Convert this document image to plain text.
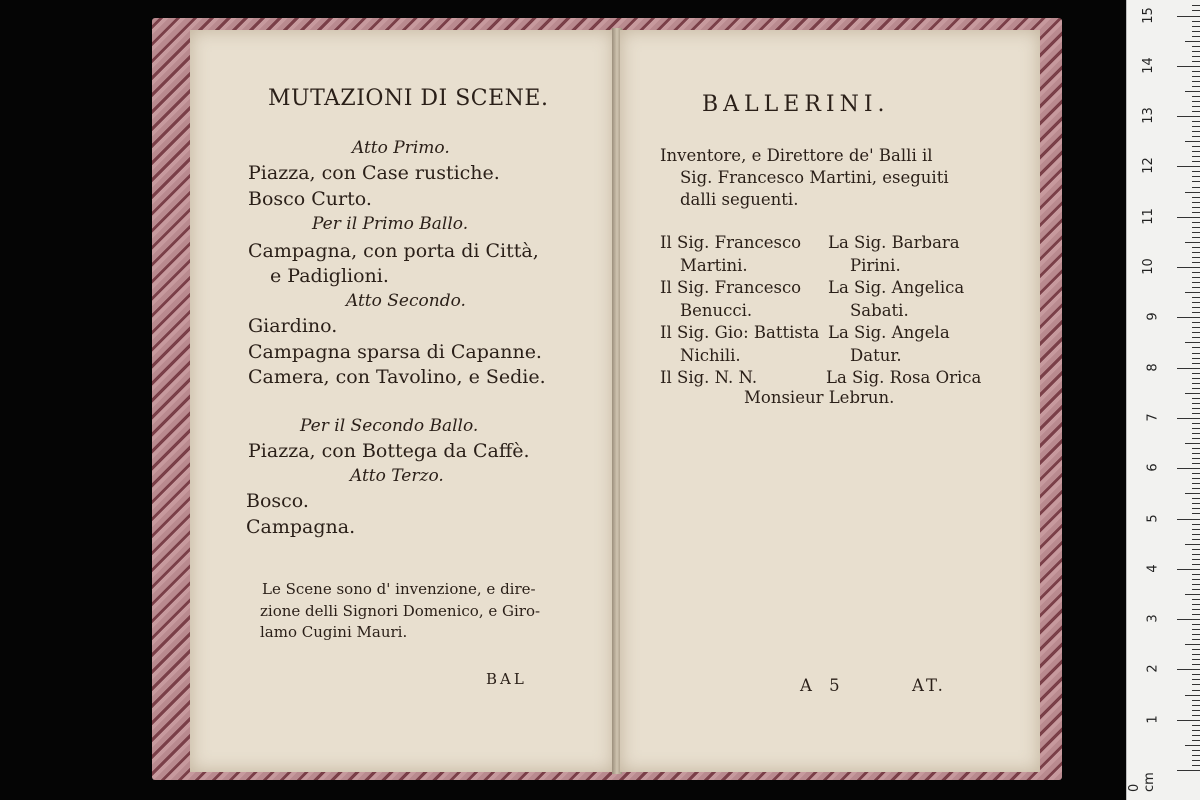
MUTAZIONI DI SCENE.
Atto Primo.
Piazza, con Case rustiche.
Bosco Curto.
Per il Primo Ballo.
Campagna, con porta di Città,
e Padiglioni.
Atto Secondo.
Giardino.
Campagna sparsa di Capanne.
Camera, con Tavolino, e Sedie.
Per il Secondo Ballo.
Piazza, con Bottega da Caffè.
Atto Terzo.
Bosco.
Campagna.
Le Scene sono d' invenzione, e dire-
zione delli Signori Domenico, e Giro-
lamo Cugini Mauri.
BAL
BALLERINI.
Inventore, e Direttore de' Balli il
Sig. Francesco Martini, eseguiti
dalli seguenti.
Il Sig. Francesco
Martini.
La Sig. Barbara
Pirini.
Il Sig. Francesco
Benucci.
La Sig. Angelica
Sabati.
Il Sig. Gio: Battista
Nichili.
La Sig. Angela
Datur.
Il Sig. N. N.	La Sig. Rosa Orica
Monsieur Lebrun.
A 5	AT.
0 cm
1
2
3
4
5
6
7
8
9
10
11
12
13
14
15
